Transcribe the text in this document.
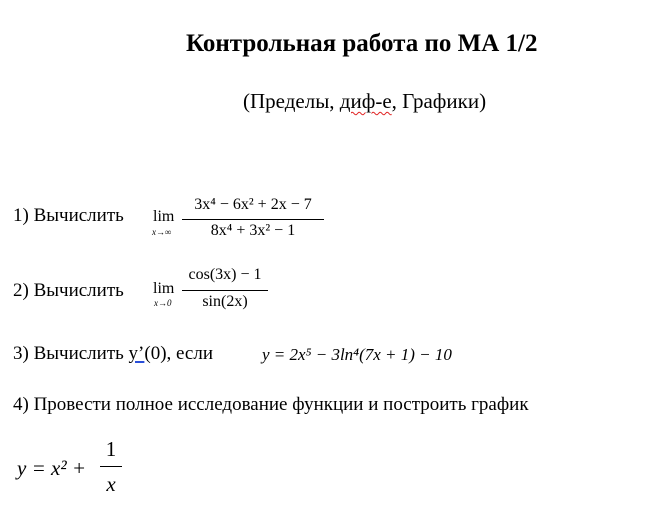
Контрольная работа по МА 1/2
(Пределы, диф-е, Графики)
1) Вычислить lim
x→∞
3x⁴ − 6x² + 2x − 7
8x⁴ + 3x² − 1
2) Вычислить lim
x→0
cos(3x) − 1
sin(2x)
3) Вычислить y’(0), если	y = 2x⁵ − 3ln⁴(7x + 1) − 10
4) Провести полное исследование функции и построить график
y = x² +
1
x
